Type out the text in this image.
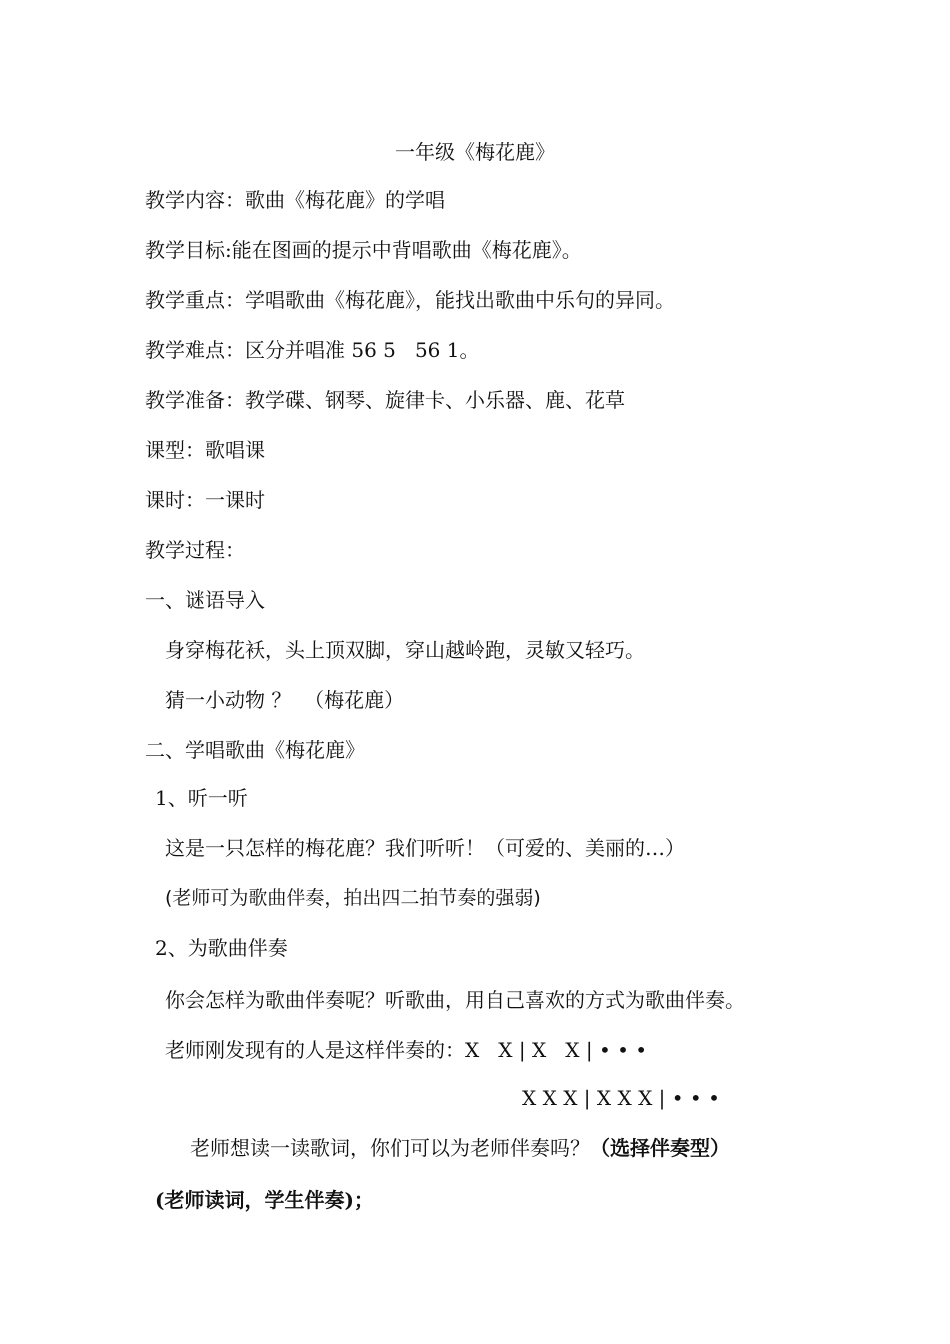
一年级《梅花鹿》
教学内容：歌曲《梅花鹿》的学唱
教学目标:能在图画的提示中背唱歌曲《梅花鹿》。
教学重点：学唱歌曲《梅花鹿》，能找出歌曲中乐句的异同。
教学难点：区分并唱准 56 5   56 1。
教学准备：教学碟、钢琴、旋律卡、小乐器、鹿、花草
课型：歌唱课
课时：一课时
教学过程：
一、谜语导入
身穿梅花袄，头上顶双脚，穿山越岭跑，灵敏又轻巧。
猜一小动物 ？  （梅花鹿）
二、学唱歌曲《梅花鹿》
1、听一听
这是一只怎样的梅花鹿？我们听听！（可爱的、美丽的…）
(老师可为歌曲伴奏，拍出四二拍节奏的强弱)
2、为歌曲伴奏
你会怎样为歌曲伴奏呢？听歌曲，用自己喜欢的方式为歌曲伴奏。
老师刚发现有的人是这样伴奏的：X   X | X   X | • • •
X X X | X X X | • • •
老师想读一读歌词，你们可以为老师伴奏吗？（选择伴奏型）
(老师读词，学生伴奏)；
